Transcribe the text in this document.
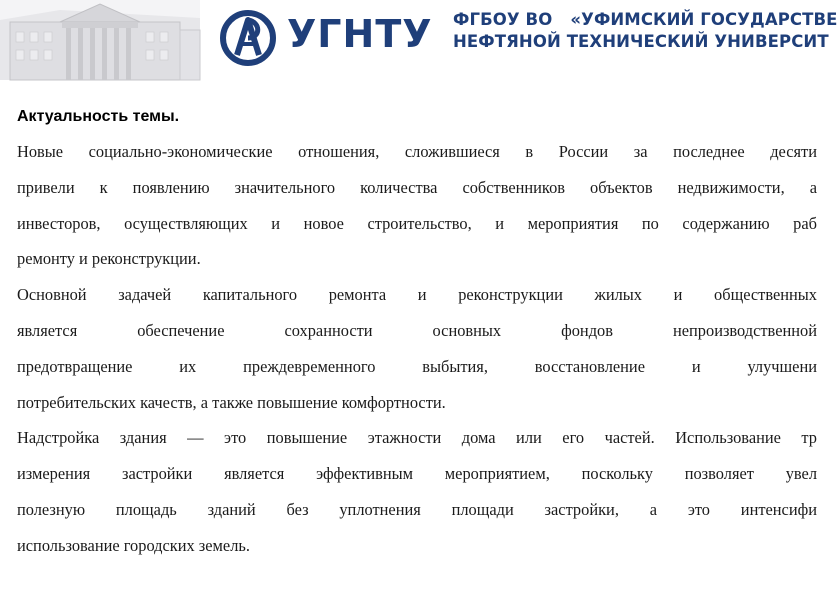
УГНТУ ФГБОУ ВО «УФИМСКИЙ ГОСУДАРСТВЕ
НЕФТЯНОЙ ТЕХНИЧЕСКИЙ УНИВЕРСИТ
Актуальность темы.
Новые социально-экономические отношения, сложившиеся в России за последнее десяти
привели к появлению значительного количества собственников объектов недвижимости, а
инвесторов, осуществляющих и новое строительство, и мероприятия по содержанию раб
ремонту и реконструкции.
Основной задачей капитального ремонта и реконструкции жилых и общественных
является обеспечение сохранности основных фондов непроизводственной
предотвращение их преждевременного выбытия, восстановление и улучшени
потребительских качеств, а также повышение комфортности.
Надстройка здания — это повышение этажности дома или его частей. Использование тр
измерения застройки является эффективным мероприятием, поскольку позволяет увел
полезную площадь зданий без уплотнения площади застройки, а это интенсифи
использование городских земель.
